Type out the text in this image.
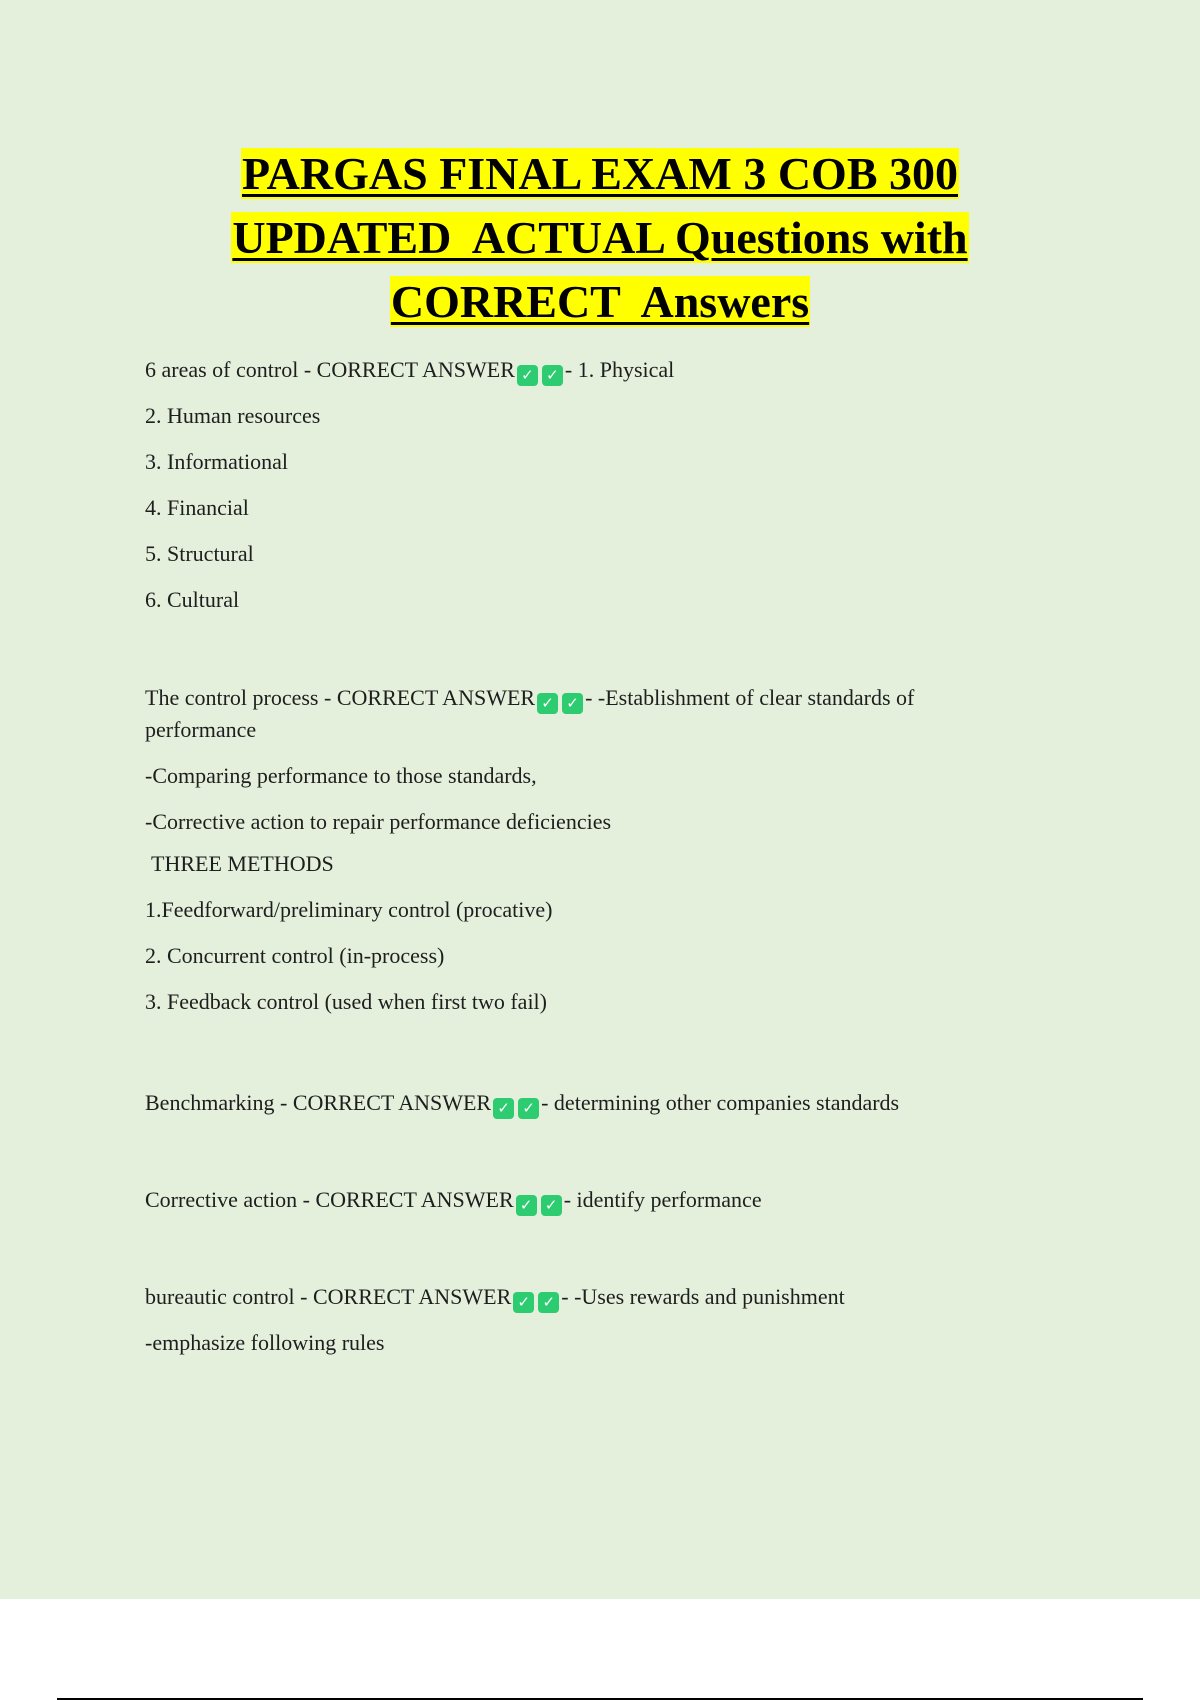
PARGAS FINAL EXAM 3 COB 300
UPDATED  ACTUAL Questions with
CORRECT  Answers
6 areas of control - CORRECT ANSWER ✓ ✓ - 1. Physical
2. Human resources
3. Informational
4. Financial
5. Structural
6. Cultural
The control process - CORRECT ANSWER ✓ ✓ - -Establishment of clear standards of performance
-Comparing performance to those standards,
-Corrective action to repair performance deficiencies
THREE METHODS
1.Feedforward/preliminary control (procative)
2. Concurrent control (in-process)
3. Feedback control (used when first two fail)
Benchmarking - CORRECT ANSWER ✓ ✓ - determining other companies standards
Corrective action - CORRECT ANSWER ✓ ✓ - identify performance
bureautic control - CORRECT ANSWER ✓ ✓ - -Uses rewards and punishment
-emphasize following rules
